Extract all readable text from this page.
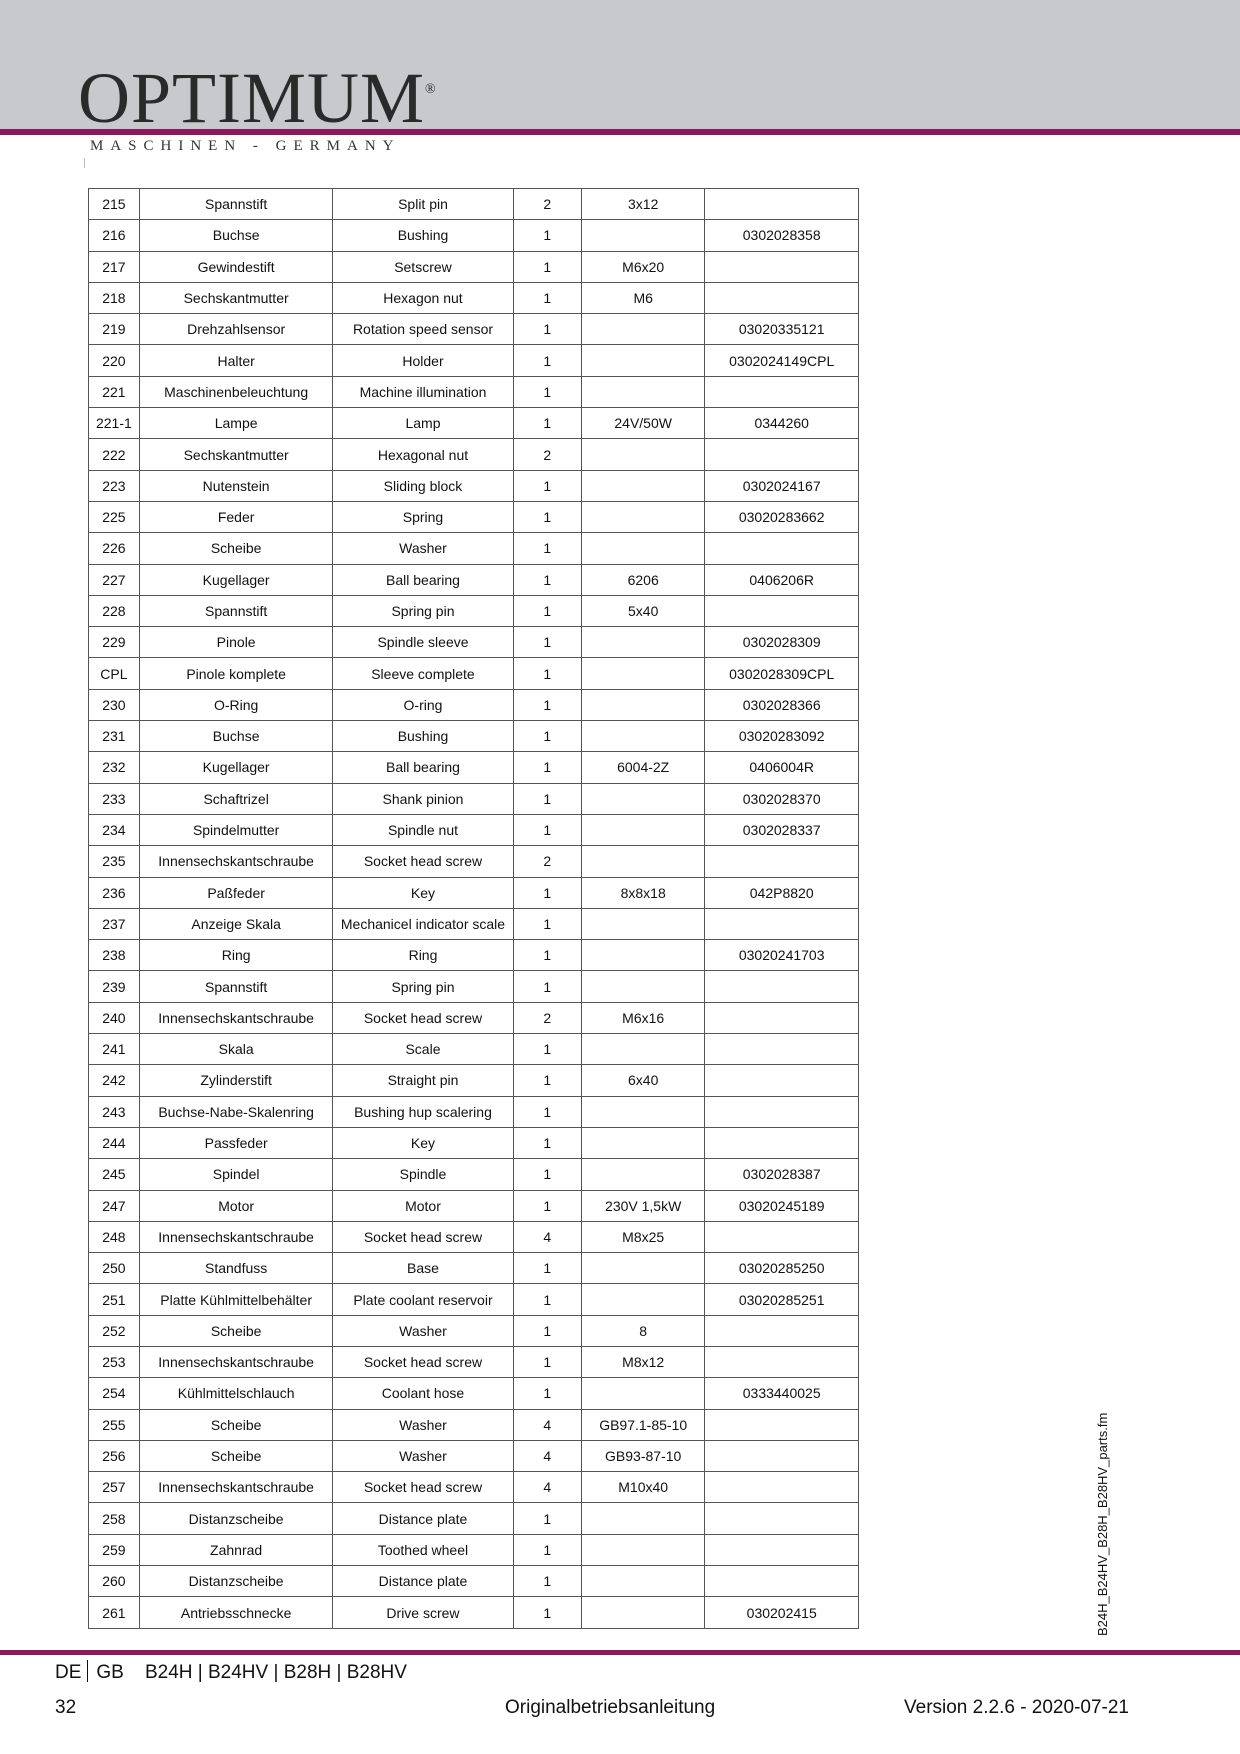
OPTIMUM®
MASCHINEN - GERMANY
215	Spannstift	Split pin	2	3x12	
216	Buchse	Bushing	1		0302028358
217	Gewindestift	Setscrew	1	M6x20	
218	Sechskantmutter	Hexagon nut	1	M6	
219	Drehzahlsensor	Rotation speed sensor	1		03020335121
220	Halter	Holder	1		0302024149CPL
221	Maschinenbeleuchtung	Machine illumination	1		
221-1	Lampe	Lamp	1	24V/50W	0344260
222	Sechskantmutter	Hexagonal nut	2		
223	Nutenstein	Sliding block	1		0302024167
225	Feder	Spring	1		03020283662
226	Scheibe	Washer	1		
227	Kugellager	Ball bearing	1	6206	0406206R
228	Spannstift	Spring pin	1	5x40	
229	Pinole	Spindle sleeve	1		0302028309
CPL	Pinole komplete	Sleeve complete	1		0302028309CPL
230	O-Ring	O-ring	1		0302028366
231	Buchse	Bushing	1		03020283092
232	Kugellager	Ball bearing	1	6004-2Z	0406004R
233	Schaftrizel	Shank pinion	1		0302028370
234	Spindelmutter	Spindle nut	1		0302028337
235	Innensechskantschraube	Socket head screw	2		
236	Paßfeder	Key	1	8x8x18	042P8820
237	Anzeige Skala	Mechanicel indicator scale	1		
238	Ring	Ring	1		03020241703
239	Spannstift	Spring pin	1		
240	Innensechskantschraube	Socket head screw	2	M6x16	
241	Skala	Scale	1		
242	Zylinderstift	Straight pin	1	6x40	
243	Buchse-Nabe-Skalenring	Bushing hup scalering	1		
244	Passfeder	Key	1		
245	Spindel	Spindle	1		0302028387
247	Motor	Motor	1	230V 1,5kW	03020245189
248	Innensechskantschraube	Socket head screw	4	M8x25	
250	Standfuss	Base	1		03020285250
251	Platte Kühlmittelbehälter	Plate coolant reservoir	1		03020285251
252	Scheibe	Washer	1	8	
253	Innensechskantschraube	Socket head screw	1	M8x12	
254	Kühlmittelschlauch	Coolant hose	1		0333440025
255	Scheibe	Washer	4	GB97.1-85-10	
256	Scheibe	Washer	4	GB93-87-10	
257	Innensechskantschraube	Socket head screw	4	M10x40	
258	Distanzscheibe	Distance plate	1		
259	Zahnrad	Toothed wheel	1		
260	Distanzscheibe	Distance plate	1		
261	Antriebsschnecke	Drive screw	1		030202415	B24H_B24HV_B28H_B28HV_parts.fm
DE GB B24H | B24HV | B28H | B28HV
32	Originalbetriebsanleitung	Version 2.2.6 - 2020-07-21
